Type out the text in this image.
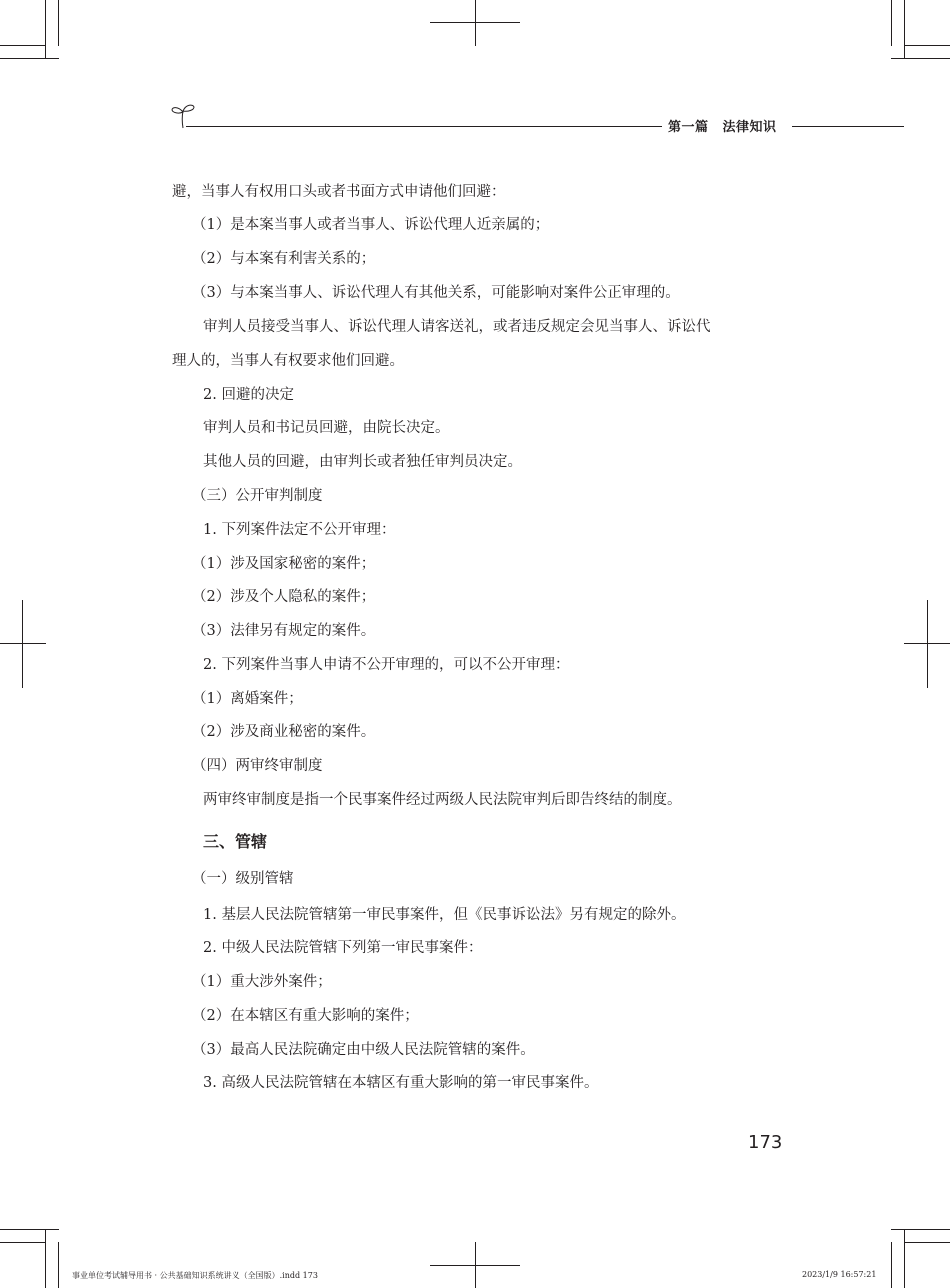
第一篇 法律知识
避，当事人有权用口头或者书面方式申请他们回避：
（1）是本案当事人或者当事人、诉讼代理人近亲属的；
（2）与本案有利害关系的；
（3）与本案当事人、诉讼代理人有其他关系，可能影响对案件公正审理的。
审判人员接受当事人、诉讼代理人请客送礼，或者违反规定会见当事人、诉讼代
理人的，当事人有权要求他们回避。
2. 回避的决定
审判人员和书记员回避，由院长决定。
其他人员的回避，由审判长或者独任审判员决定。
（三）公开审判制度
1. 下列案件法定不公开审理：
（1）涉及国家秘密的案件；
（2）涉及个人隐私的案件；
（3）法律另有规定的案件。
2. 下列案件当事人申请不公开审理的，可以不公开审理：
（1）离婚案件；
（2）涉及商业秘密的案件。
（四）两审终审制度
两审终审制度是指一个民事案件经过两级人民法院审判后即告终结的制度。
三、管辖
（一）级别管辖
1. 基层人民法院管辖第一审民事案件，但《民事诉讼法》另有规定的除外。
2. 中级人民法院管辖下列第一审民事案件：
（1）重大涉外案件；
（2）在本辖区有重大影响的案件；
（3）最高人民法院确定由中级人民法院管辖的案件。
3. 高级人民法院管辖在本辖区有重大影响的第一审民事案件。
173
事业单位考试辅导用书 · 公共基础知识系统讲义（全国版）.indd 173	2023/1/9 16:57:21
